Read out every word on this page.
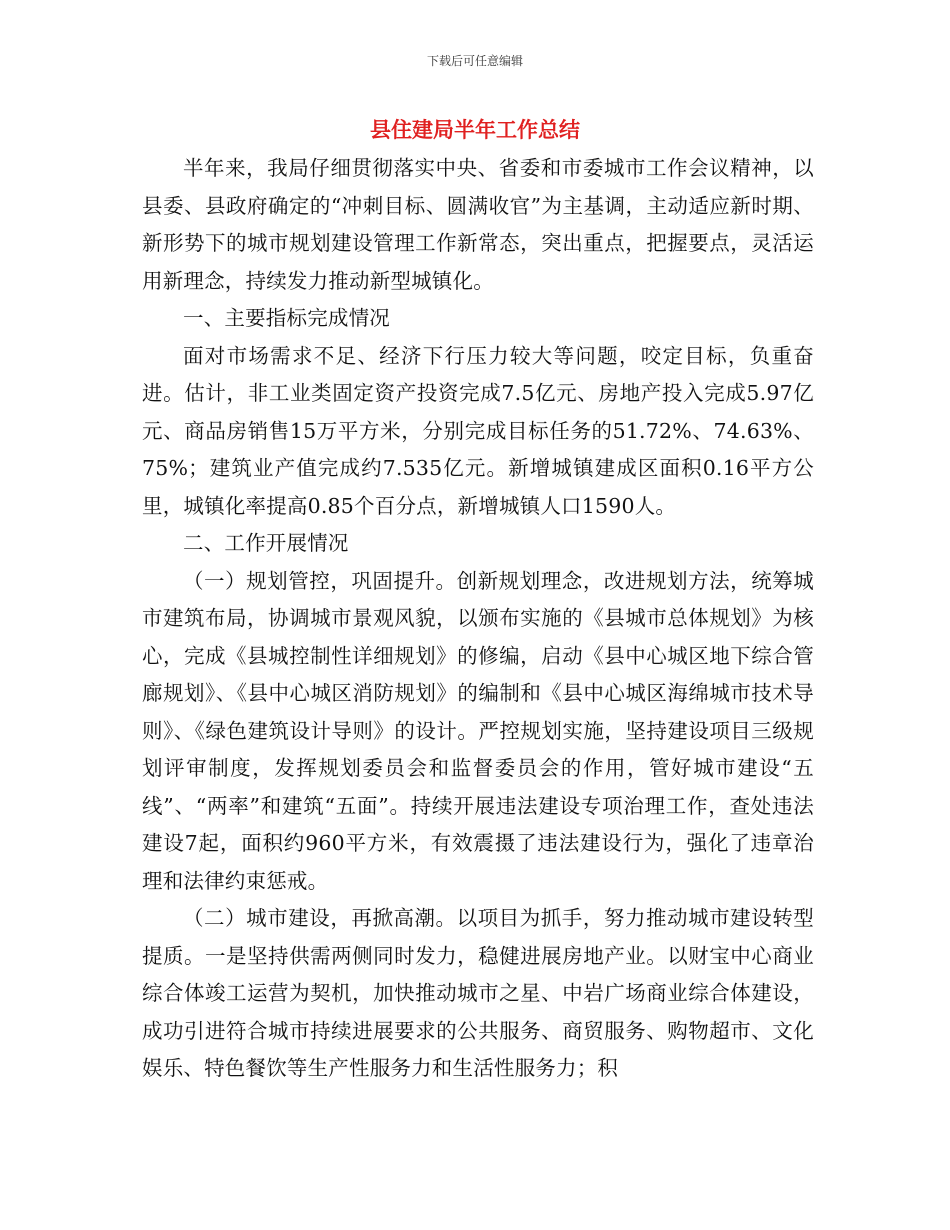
下载后可任意编辑
县住建局半年工作总结

半年来，我局仔细贯彻落实中央、省委和市委城市工作会议精神，以县委、县政府确定的“冲刺目标、圆满收官”为主基调，主动适应新时期、新形势下的城市规划建设管理工作新常态，突出重点，把握要点，灵活运用新理念，持续发力推动新型城镇化。

一、主要指标完成情况

面对市场需求不足、经济下行压力较大等问题，咬定目标，负重奋进。估计，非工业类固定资产投资完成7.5亿元、房地产投入完成5.97亿元、商品房销售15万平方米，分别完成目标任务的51.72%、74.63%、75%；建筑业产值完成约7.535亿元。新增城镇建成区面积0.16平方公里，城镇化率提高0.85个百分点，新增城镇人口1590人。

二、工作开展情况

（一）规划管控，巩固提升。创新规划理念，改进规划方法，统筹城市建筑布局，协调城市景观风貌，以颁布实施的《县城市总体规划》为核心，完成《县城控制性详细规划》的修编，启动《县中心城区地下综合管廊规划》、《县中心城区消防规划》的编制和《县中心城区海绵城市技术导则》、《绿色建筑设计导则》的设计。严控规划实施，坚持建设项目三级规划评审制度，发挥规划委员会和监督委员会的作用，管好城市建设“五线”、“两率”和建筑“五面”。持续开展违法建设专项治理工作，查处违法建设7起，面积约960平方米，有效震摄了违法建设行为，强化了违章治理和法律约束惩戒。

（二）城市建设，再掀高潮。以项目为抓手，努力推动城市建设转型提质。一是坚持供需两侧同时发力，稳健进展房地产业。以财宝中心商业综合体竣工运营为契机，加快推动城市之星、中岩广场商业综合体建设，成功引进符合城市持续进展要求的公共服务、商贸服务、购物超市、文化娱乐、特色餐饮等生产性服务力和生活性服务力；积
